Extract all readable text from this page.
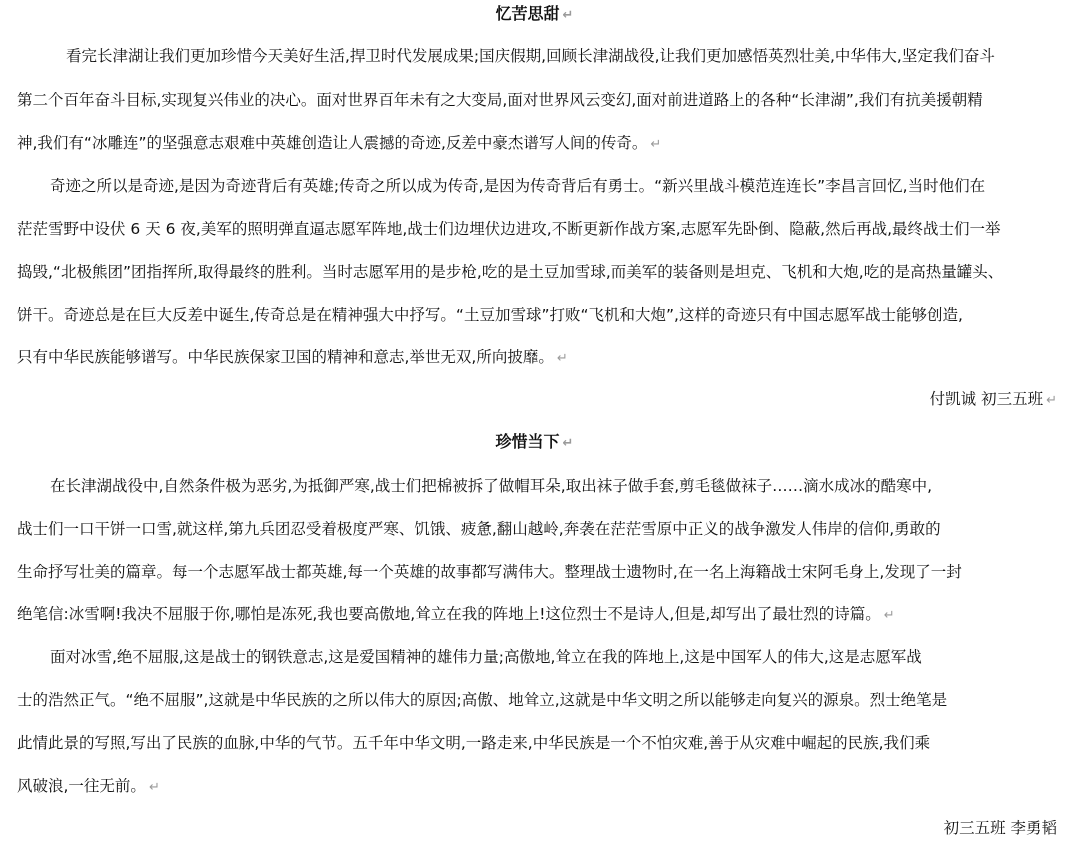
忆苦思甜 ↵
看完长津湖让我们更加珍惜今天美好生活,捍卫时代发展成果;国庆假期,回顾长津湖战役,让我们更加感悟英烈壮美,中华伟大,坚定我们奋斗
第二个百年奋斗目标,实现复兴伟业的决心。面对世界百年未有之大变局,面对世界风云变幻,面对前进道路上的各种“长津湖”,我们有抗美援朝精
神,我们有“冰雕连”的坚强意志艰难中英雄创造让人震撼的奇迹,反差中豪杰谱写人间的传奇。 ↵
奇迹之所以是奇迹,是因为奇迹背后有英雄;传奇之所以成为传奇,是因为传奇背后有勇士。“新兴里战斗模范连连长”李昌言回忆,当时他们在
茫茫雪野中设伏 6 天 6 夜,美军的照明弹直逼志愿军阵地,战士们边埋伏边进攻,不断更新作战方案,志愿军先卧倒、隐蔽,然后再战,最终战士们一举
捣毁,“北极熊团”团指挥所,取得最终的胜利。当时志愿军用的是步枪,吃的是土豆加雪球,而美军的装备则是坦克、飞机和大炮,吃的是高热量罐头、
饼干。奇迹总是在巨大反差中诞生,传奇总是在精神强大中抒写。“土豆加雪球”打败“飞机和大炮”,这样的奇迹只有中国志愿军战士能够创造,
只有中华民族能够谱写。中华民族保家卫国的精神和意志,举世无双,所向披靡。 ↵
付凯诚 初三五班 ↵
珍惜当下 ↵
在长津湖战役中,自然条件极为恶劣,为抵御严寒,战士们把棉被拆了做帽耳朵,取出袜子做手套,剪毛毯做袜子……滴水成冰的酷寒中,
战士们一口干饼一口雪,就这样,第九兵团忍受着极度严寒、饥饿、疲惫,翻山越岭,奔袭在茫茫雪原中正义的战争激发人伟岸的信仰,勇敢的
生命抒写壮美的篇章。每一个志愿军战士都英雄,每一个英雄的故事都写满伟大。整理战士遗物时,在一名上海籍战士宋阿毛身上,发现了一封
绝笔信:冰雪啊!我决不屈服于你,哪怕是冻死,我也要高傲地,耸立在我的阵地上!这位烈士不是诗人,但是,却写出了最壮烈的诗篇。 ↵
面对冰雪,绝不屈服,这是战士的钢铁意志,这是爱国精神的雄伟力量;高傲地,耸立在我的阵地上,这是中国军人的伟大,这是志愿军战
士的浩然正气。“绝不屈服”,这就是中华民族的之所以伟大的原因;高傲、地耸立,这就是中华文明之所以能够走向复兴的源泉。烈士绝笔是
此情此景的写照,写出了民族的血脉,中华的气节。五千年中华文明,一路走来,中华民族是一个不怕灾难,善于从灾难中崛起的民族,我们乘
风破浪,一往无前。 ↵
初三五班 李勇韬
